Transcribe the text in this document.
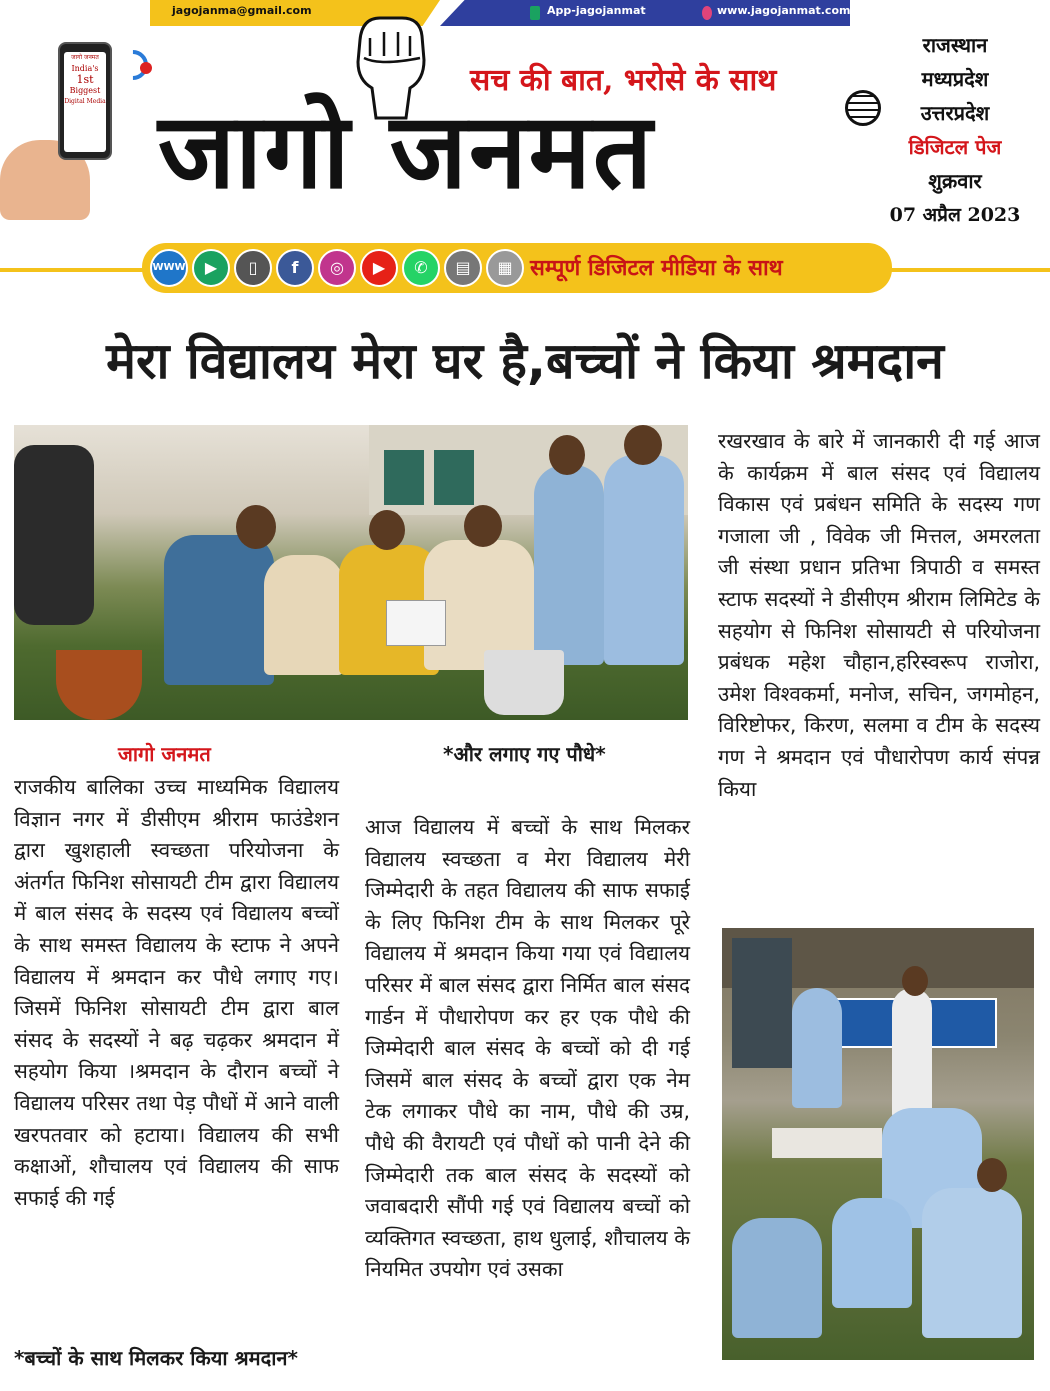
jagojanma@gmail.com	App-jagojanmat	www.jagojanmat.com
जागो जनमत
India's
1st
Biggest
Digital Media
सच की बात, भरोसे के साथ
जागो जनमत
राजस्थान
मध्यप्रदेश
उत्तरप्रदेश
डिजिटल पेज
शुक्रवार
07 अप्रैल 2023
WWW	▶	▯	f	◎	▶	✆	▤	▦ सम्पूर्ण डिजिटल मीडिया के साथ
मेरा विद्यालय मेरा घर है,बच्चों ने किया श्रमदान
जागो जनमत	*और लगाए गए पौधे*
राजकीय बालिका उच्च माध्यमिक विद्यालय विज्ञान नगर में डीसीएम श्रीराम फाउंडेशन द्वारा खुशहाली स्वच्छता परियोजना के अंतर्गत फिनिश सोसायटी टीम द्वारा विद्यालय में बाल संसद के सदस्य एवं विद्यालय बच्चों के साथ समस्त विद्यालय के स्टाफ ने अपने विद्यालय में श्रमदान कर पौधे लगाए गए। जिसमें फिनिश सोसायटी टीम द्वारा बाल संसद के सदस्यों ने बढ़ चढ़कर श्रमदान में सहयोग किया ।श्रमदान के दौरान बच्चों ने विद्यालय परिसर तथा पेड़ पौधों में आने वाली खरपतवार को हटाया। विद्यालय की सभी कक्षाओं, शौचालय एवं विद्यालय की साफ सफाई की गई
आज विद्यालय में बच्चों के साथ मिलकर विद्यालय स्वच्छता व मेरा विद्यालय मेरी जिम्मेदारी के तहत विद्यालय की साफ सफाई के लिए फिनिश टीम के साथ मिलकर पूरे विद्यालय में श्रमदान किया गया एवं विद्यालय परिसर में बाल संसद द्वारा निर्मित बाल संसद गार्डन में पौधारोपण कर हर एक पौधे की जिम्मेदारी बाल संसद के बच्चों को दी गई जिसमें बाल संसद के बच्चों द्वारा एक नेम टेक लगाकर पौधे का नाम, पौधे की उम्र, पौधे की वैरायटी एवं पौधों को पानी देने की जिम्मेदारी तक बाल संसद के सदस्यों को जवाबदारी सौंपी गई एवं विद्यालय बच्चों को व्यक्तिगत स्वच्छता, हाथ धुलाई, शौचालय के नियमित उपयोग एवं उसका
रखरखाव के बारे में जानकारी दी गई आज के कार्यक्रम में बाल संसद एवं विद्यालय विकास एवं प्रबंधन समिति के सदस्य गण गजाला जी , विवेक जी मित्तल, अमरलता जी संस्था प्रधान प्रतिभा त्रिपाठी व समस्त स्टाफ सदस्यों ने डीसीएम श्रीराम लिमिटेड के सहयोग से फिनिश सोसायटी से परियोजना प्रबंधक महेश चौहान,हरिस्वरूप राजोरा, उमेश विश्वकर्मा, मनोज, सचिन, जगमोहन, विरिष्टोफर, किरण, सलमा व टीम के सदस्य गण ने श्रमदान एवं पौधारोपण कार्य संपन्न किया
*बच्चों के साथ मिलकर किया श्रमदान*
